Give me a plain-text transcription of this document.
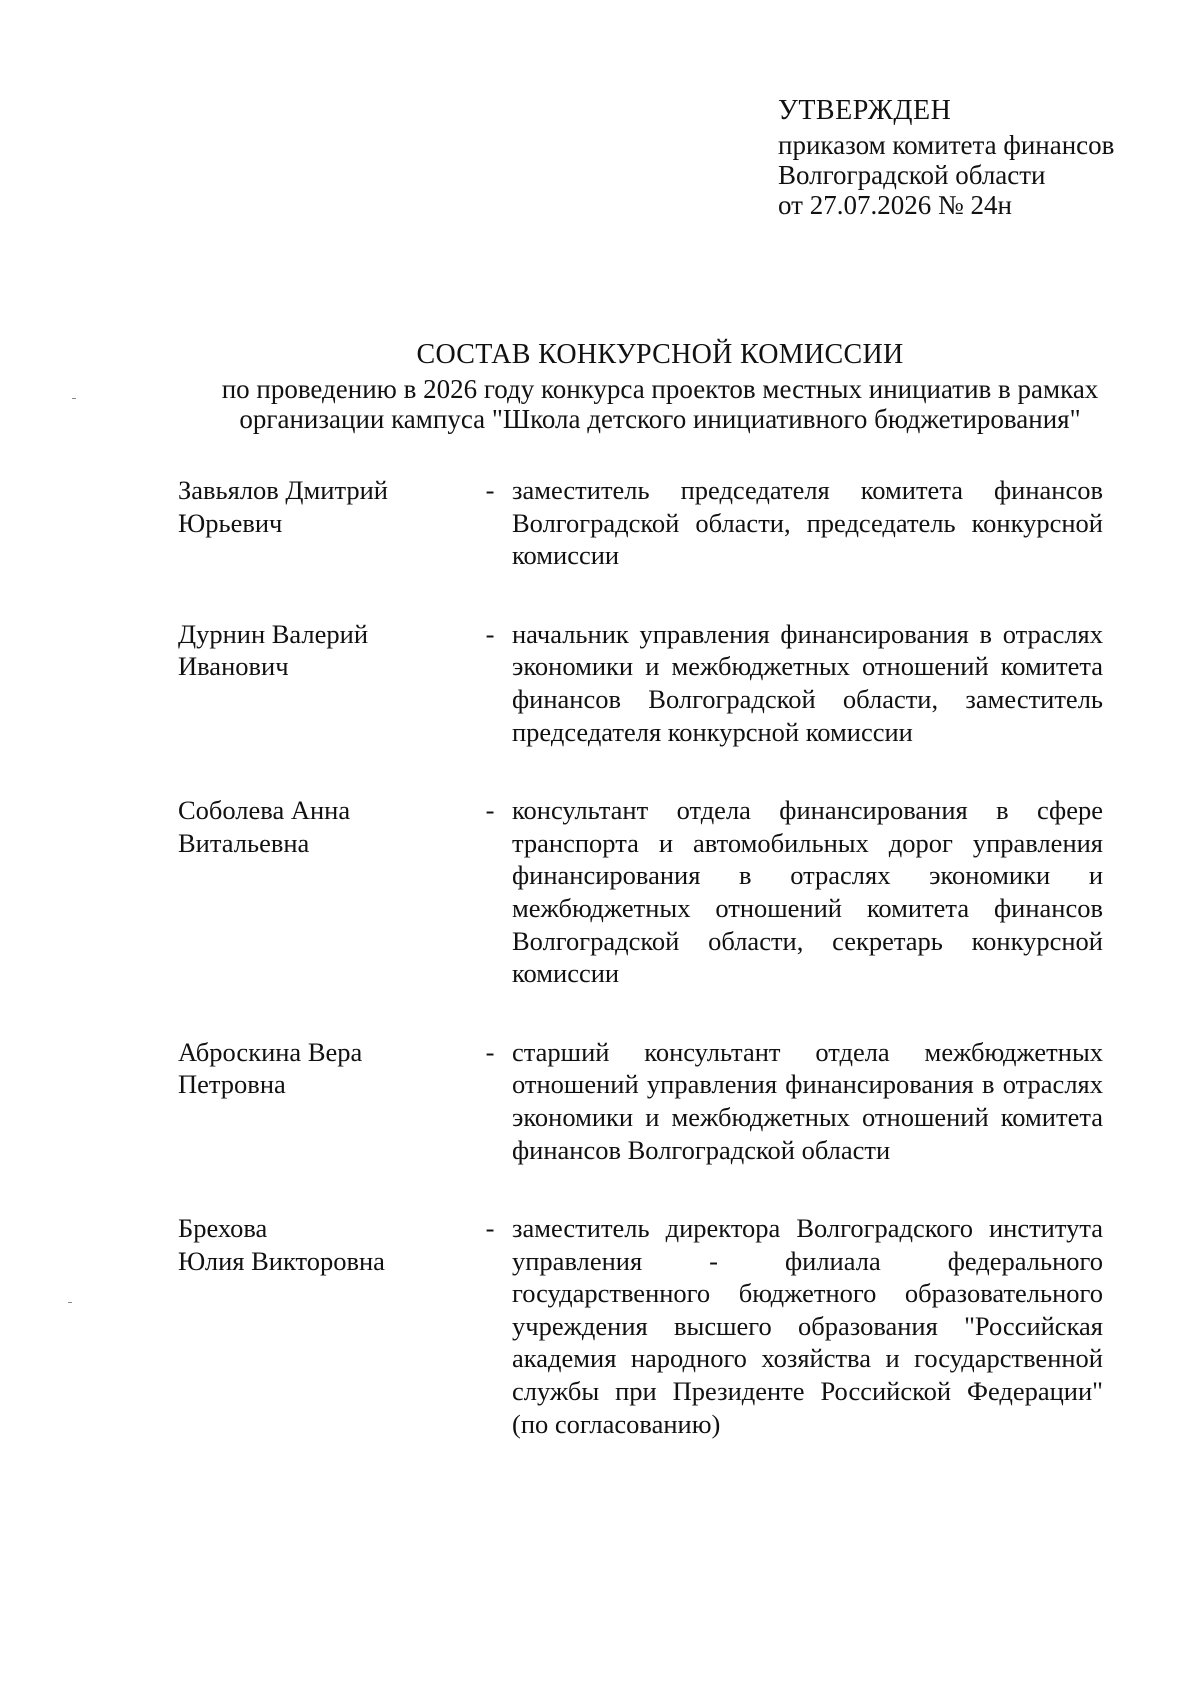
УТВЕРЖДЕН
приказом комитета финансов
Волгоградской области
от 27.07.2026 № 24н
СОСТАВ КОНКУРСНОЙ КОМИССИИ
по проведению в 2026 году конкурса проектов местных инициатив в рамках
организации кампуса "Школа детского инициативного бюджетирования"
Завьялов Дмитрий
Юрьевич
- заместитель председателя комитета финансов Волгоградской области, председатель конкурсной комиссии
Дурнин Валерий
Иванович
- начальник управления финансирования в отраслях экономики и межбюджетных отношений комитета финансов Волгоградской области, заместитель председателя конкурсной комиссии
Соболева Анна
Витальевна
- консультант отдела финансирования в сфере транспорта и автомобильных дорог управления финансирования в отраслях экономики и межбюджетных отношений комитета финансов Волгоградской области, секретарь конкурсной комиссии
Аброскина Вера
Петровна
- старший консультант отдела межбюджетных отношений управления финансирования в отраслях экономики и межбюджетных отношений комитета финансов Волгоградской области
Брехова
Юлия Викторовна
- заместитель директора Волгоградского института управления - филиала федерального государственного бюджетного образовательного учреждения высшего образования "Российская академия народного хозяйства и государственной службы при Президенте Российской Федерации" (по согласованию)
